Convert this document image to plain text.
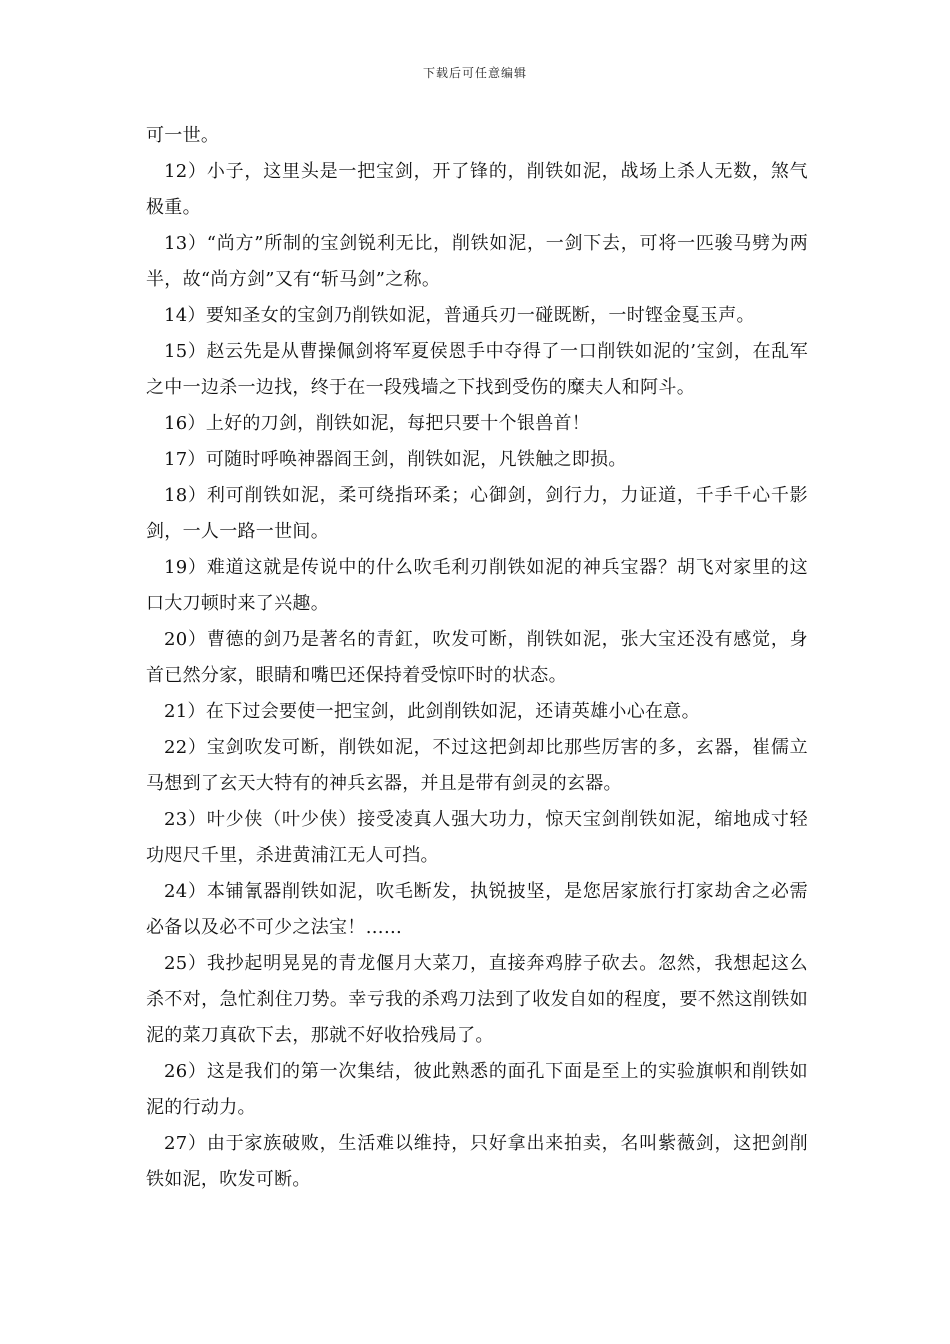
下载后可任意编辑

可一世。

12）小子，这里头是一把宝剑，开了锋的，削铁如泥，战场上杀人无数，煞气极重。

13）“尚方”所制的宝剑锐利无比，削铁如泥，一剑下去，可将一匹骏马劈为两半，故“尚方剑”又有“斩马剑”之称。

14）要知圣女的宝剑乃削铁如泥，普通兵刃一碰既断，一时铿金戛玉声。

15）赵云先是从曹操佩剑将军夏侯恩手中夺得了一口削铁如泥的’宝剑，在乱军之中一边杀一边找，终于在一段残墙之下找到受伤的糜夫人和阿斗。

16）上好的刀剑，削铁如泥，每把只要十个银兽首！

17）可随时呼唤神器阎王剑，削铁如泥，凡铁触之即损。

18）利可削铁如泥，柔可绕指环柔；心御剑，剑行力，力证道，千手千心千影剑，一人一路一世间。

19）难道这就是传说中的什么吹毛利刃削铁如泥的神兵宝器？胡飞对家里的这口大刀顿时来了兴趣。

20）曹德的剑乃是著名的青釭，吹发可断，削铁如泥，张大宝还没有感觉，身首已然分家，眼睛和嘴巴还保持着受惊吓时的状态。

21）在下过会要使一把宝剑，此剑削铁如泥，还请英雄小心在意。

22）宝剑吹发可断，削铁如泥，不过这把剑却比那些厉害的多，玄器，崔儒立马想到了玄天大特有的神兵玄器，并且是带有剑灵的玄器。

23）叶少侠（叶少侠）接受凌真人强大功力，惊天宝剑削铁如泥，缩地成寸轻功咫尺千里，杀进黄浦江无人可挡。

24）本铺氰器削铁如泥，吹毛断发，执锐披坚，是您居家旅行打家劫舍之必需必备以及必不可少之法宝！……

25）我抄起明晃晃的青龙偃月大菜刀，直接奔鸡脖子砍去。忽然，我想起这么杀不对，急忙刹住刀势。幸亏我的杀鸡刀法到了收发自如的程度，要不然这削铁如泥的菜刀真砍下去，那就不好收拾残局了。

26）这是我们的第一次集结，彼此熟悉的面孔下面是至上的实验旗帜和削铁如泥的行动力。

27）由于家族破败，生活难以维持，只好拿出来拍卖，名叫紫薇剑，这把剑削铁如泥，吹发可断。
